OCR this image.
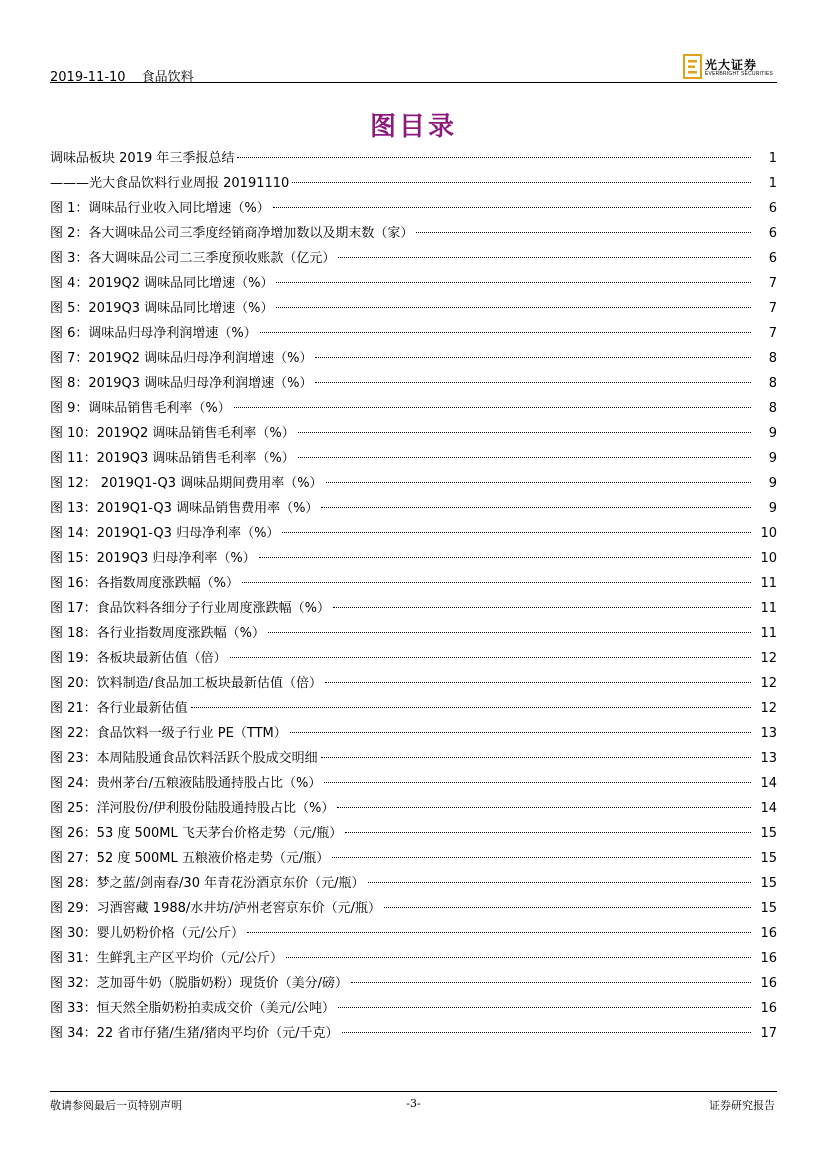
2019-11-10 食品饮料
光大证券
EVERBRIGHT SECURITIES
图目录
调味品板块 2019 年三季报总结	1
———光大食品饮料行业周报 20191110	1
图 1：调味品行业收入同比增速（%）	6
图 2：各大调味品公司三季度经销商净增加数以及期末数（家）	6
图 3：各大调味品公司二三季度预收账款（亿元）	6
图 4：2019Q2 调味品同比增速（%）	7
图 5：2019Q3 调味品同比增速（%）	7
图 6：调味品归母净利润增速（%）	7
图 7：2019Q2 调味品归母净利润增速（%）	8
图 8：2019Q3 调味品归母净利润增速（%）	8
图 9：调味品销售毛利率（%）	8
图 10：2019Q2 调味品销售毛利率（%）	9
图 11：2019Q3 调味品销售毛利率（%）	9
图 12： 2019Q1-Q3 调味品期间费用率（%）	9
图 13：2019Q1-Q3 调味品销售费用率（%）	9
图 14：2019Q1-Q3 归母净利率（%）	10
图 15：2019Q3 归母净利率（%）	10
图 16：各指数周度涨跌幅（%）	11
图 17：食品饮料各细分子行业周度涨跌幅（%）	11
图 18：各行业指数周度涨跌幅（%）	11
图 19：各板块最新估值（倍）	12
图 20：饮料制造/食品加工板块最新估值（倍）	12
图 21：各行业最新估值	12
图 22：食品饮料一级子行业 PE（TTM）	13
图 23：本周陆股通食品饮料活跃个股成交明细	13
图 24：贵州茅台/五粮液陆股通持股占比（%）	14
图 25：洋河股份/伊利股份陆股通持股占比（%）	14
图 26：53 度 500ML 飞天茅台价格走势（元/瓶）	15
图 27：52 度 500ML 五粮液价格走势（元/瓶）	15
图 28：梦之蓝/剑南春/30 年青花汾酒京东价（元/瓶）	15
图 29：习酒窖藏 1988/水井坊/泸州老窖京东价（元/瓶）	15
图 30：婴儿奶粉价格（元/公斤）	16
图 31：生鲜乳主产区平均价（元/公斤）	16
图 32：芝加哥牛奶（脱脂奶粉）现货价（美分/磅）	16
图 33：恒天然全脂奶粉拍卖成交价（美元/公吨）	16
图 34：22 省市仔猪/生猪/猪肉平均价（元/千克）	17
敬请参阅最后一页特别声明	-3-	证券研究报告
